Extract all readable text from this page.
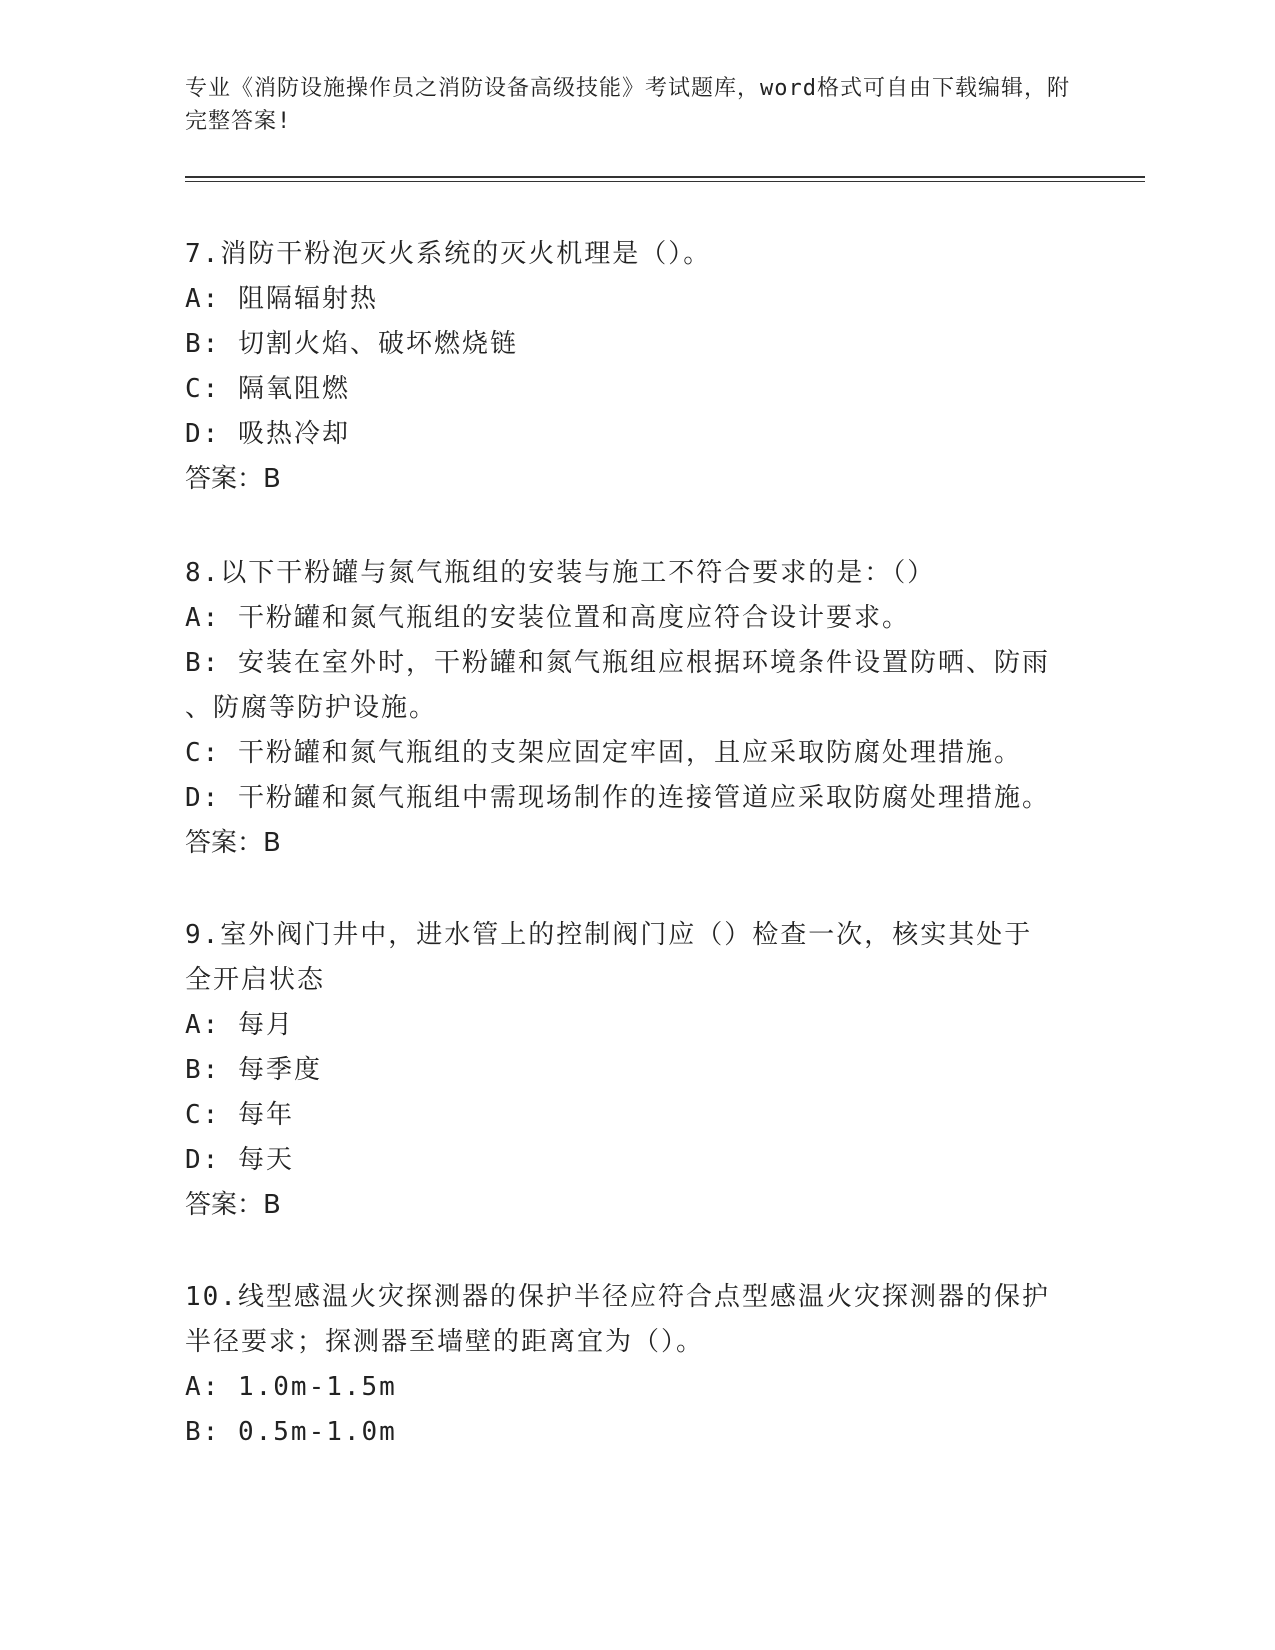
专业《消防设施操作员之消防设备高级技能》考试题库，word格式可自由下载编辑，附完整答案!
7.消防干粉泡灭火系统的灭火机理是（）。
A: 阻隔辐射热
B: 切割火焰、破坏燃烧链
C: 隔氧阻燃
D: 吸热冷却
答案：B
8.以下干粉罐与氮气瓶组的安装与施工不符合要求的是：（）
A: 干粉罐和氮气瓶组的安装位置和高度应符合设计要求。
B: 安装在室外时，干粉罐和氮气瓶组应根据环境条件设置防晒、防雨
、防腐等防护设施。
C: 干粉罐和氮气瓶组的支架应固定牢固，且应采取防腐处理措施。
D: 干粉罐和氮气瓶组中需现场制作的连接管道应采取防腐处理措施。
答案：B
9.室外阀门井中，进水管上的控制阀门应（）检查一次，核实其处于
全开启状态
A: 每月
B: 每季度
C: 每年
D: 每天
答案：B
10.线型感温火灾探测器的保护半径应符合点型感温火灾探测器的保护
半径要求；探测器至墙壁的距离宜为（）。
A: 1.0m-1.5m
B: 0.5m-1.0m
